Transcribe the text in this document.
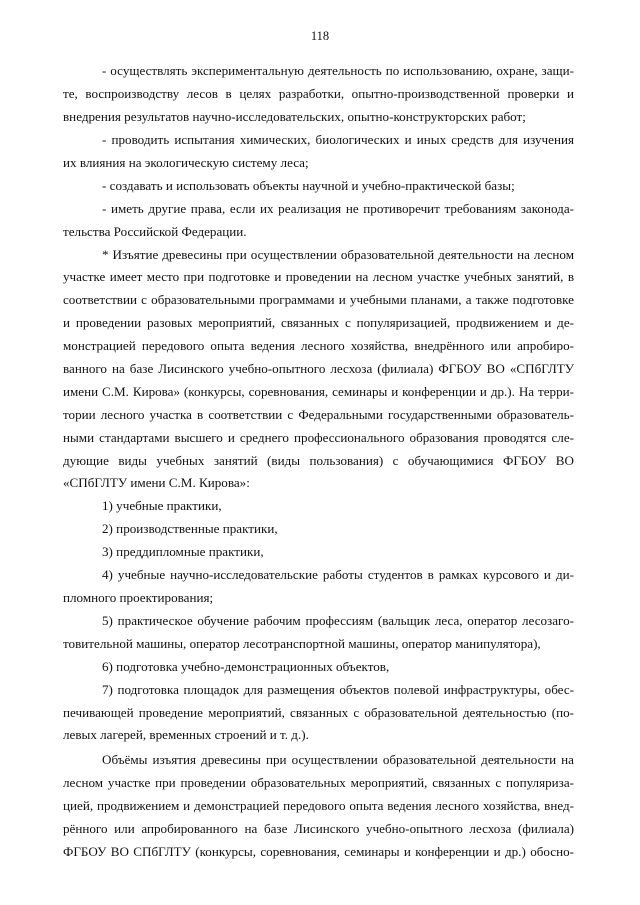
118
- осуществлять экспериментальную деятельность по использованию, охране, защи-
те, воспроизводству лесов в целях разработки, опытно-производственной проверки и
внедрения результатов научно-исследовательских, опытно-конструкторских работ;
- проводить испытания химических, биологических и иных средств для изучения
их влияния на экологическую систему леса;
- создавать и использовать объекты научной и учебно-практической базы;
- иметь другие права, если их реализация не противоречит требованиям законода-
тельства Российской Федерации.
* Изъятие древесины при осуществлении образовательной деятельности на лесном
участке имеет место при подготовке и проведении на лесном участке учебных занятий, в
соответствии с образовательными программами и учебными планами, а также подготовке
и проведении разовых мероприятий, связанных с популяризацией, продвижением и де-
монстрацией передового опыта ведения лесного хозяйства, внедрённого или апробиро-
ванного на базе Лисинского учебно-опытного лесхоза (филиала) ФГБОУ ВО «СПбГЛТУ
имени С.М. Кирова» (конкурсы, соревнования, семинары и конференции и др.). На терри-
тории лесного участка в соответствии с Федеральными государственными образователь-
ными стандартами высшего и среднего профессионального образования проводятся сле-
дующие виды учебных занятий (виды пользования) с обучающимися ФГБОУ ВО
«СПбГЛТУ имени С.М. Кирова»:
1) учебные практики,
2) производственные практики,
3) преддипломные практики,
4) учебные научно-исследовательские работы студентов в рамках курсового и ди-
пломного проектирования;
5) практическое обучение рабочим профессиям (вальщик леса, оператор лесозаго-
товительной машины, оператор лесотранспортной машины, оператор манипулятора),
6) подготовка учебно-демонстрационных объектов,
7) подготовка площадок для размещения объектов полевой инфраструктуры, обес-
печивающей проведение мероприятий, связанных с образовательной деятельностью (по-
левых лагерей, временных строений и т. д.).
Объёмы изъятия древесины при осуществлении образовательной деятельности на
лесном участке при проведении образовательных мероприятий, связанных с популяриза-
цией, продвижением и демонстрацией передового опыта ведения лесного хозяйства, внед-
рённого или апробированного на базе Лисинского учебно-опытного лесхоза (филиала)
ФГБОУ ВО СПбГЛТУ (конкурсы, соревнования, семинары и конференции и др.) обосно-
